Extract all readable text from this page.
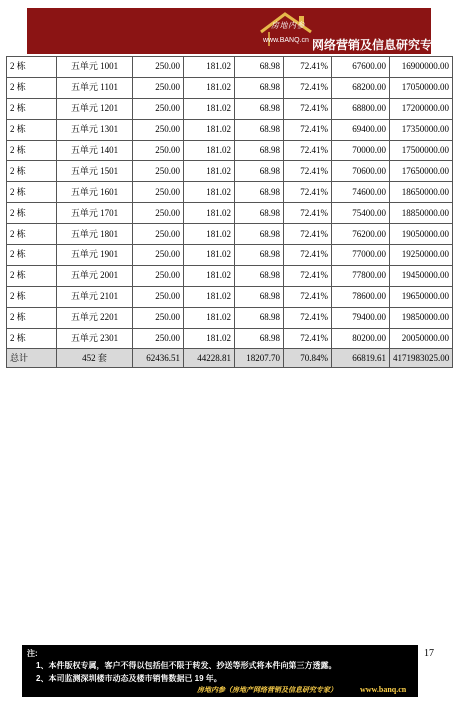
房地内参
www.BANQ.cn 网络营销及信息研究专家
2 栋	五单元 1001	250.00	181.02	68.98	72.41%	67600.00	16900000.00
2 栋	五单元 1101	250.00	181.02	68.98	72.41%	68200.00	17050000.00
2 栋	五单元 1201	250.00	181.02	68.98	72.41%	68800.00	17200000.00
2 栋	五单元 1301	250.00	181.02	68.98	72.41%	69400.00	17350000.00
2 栋	五单元 1401	250.00	181.02	68.98	72.41%	70000.00	17500000.00
2 栋	五单元 1501	250.00	181.02	68.98	72.41%	70600.00	17650000.00
2 栋	五单元 1601	250.00	181.02	68.98	72.41%	74600.00	18650000.00
2 栋	五单元 1701	250.00	181.02	68.98	72.41%	75400.00	18850000.00
2 栋	五单元 1801	250.00	181.02	68.98	72.41%	76200.00	19050000.00
2 栋	五单元 1901	250.00	181.02	68.98	72.41%	77000.00	19250000.00
2 栋	五单元 2001	250.00	181.02	68.98	72.41%	77800.00	19450000.00
2 栋	五单元 2101	250.00	181.02	68.98	72.41%	78600.00	19650000.00
2 栋	五单元 2201	250.00	181.02	68.98	72.41%	79400.00	19850000.00
2 栋	五单元 2301	250.00	181.02	68.98	72.41%	80200.00	20050000.00
总计	452 套	62436.51	44228.81	18207.70	70.84%	66819.61	4171983025.00
17
注:
1、本件版权专属，客户不得以包括但不限于转发、抄送等形式将本件向第三方透露。
2、本司监测深圳楼市动态及楼市销售数据已 19 年。
房地内参（房地产网络营销及信息研究专家）	www.banq.cn
